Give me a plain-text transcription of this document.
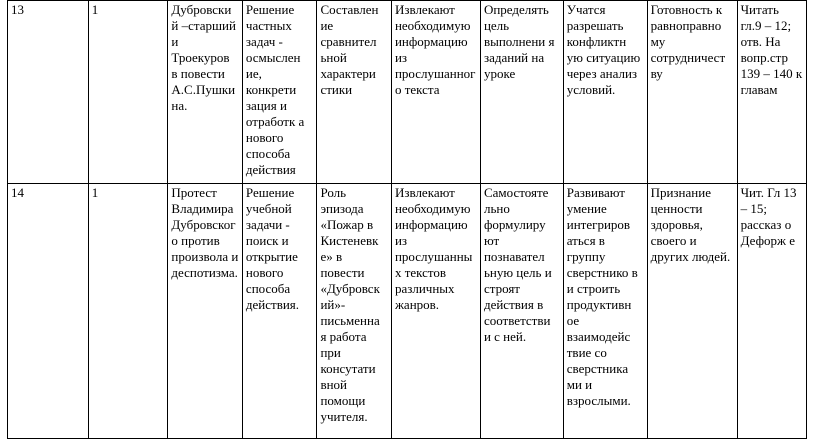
13	1	Дубровски й –старший и Троекуров в повести А.С.Пушки на.	Решение частных задач - осмыслен ие, конкрети зация и отработк а нового способа действия	Составлен ие сравнител ьной характери стики	Извлекают необходимую информацию из прослушанног о текста	Определять цель выполнени я заданий на уроке	Учатся разрешать конфликтн ую ситуацию через анализ условий.	Готовность к равноправно му сотрудничест ву	Читать гл.9 – 12; отв. На вопр.стр 139 – 140 к главам

14	1	Протест Владимира Дубровског о против произвола и деспотизма.	Решение учебной задачи - поиск и открытие нового способа действия.	Роль эпизода «Пожар в Кистеневк е» в повести «Дубровск ий»- письменна я работа при консутати вной помощи учителя.	Извлекают необходимую информацию из прослушанны х текстов различных жанров.	Самостояте льно формулиру ют познавател ьную цель и строят действия в соответстви и с ней.	Развивают умение интегриров аться в группу сверстнико в и строить продуктивн ое взаимодейс твие со сверстника ми и взрослыми.	Признание ценности здоровья, своего и других людей.	Чит. Гл 13 – 15; рассказ о Дефорж е
